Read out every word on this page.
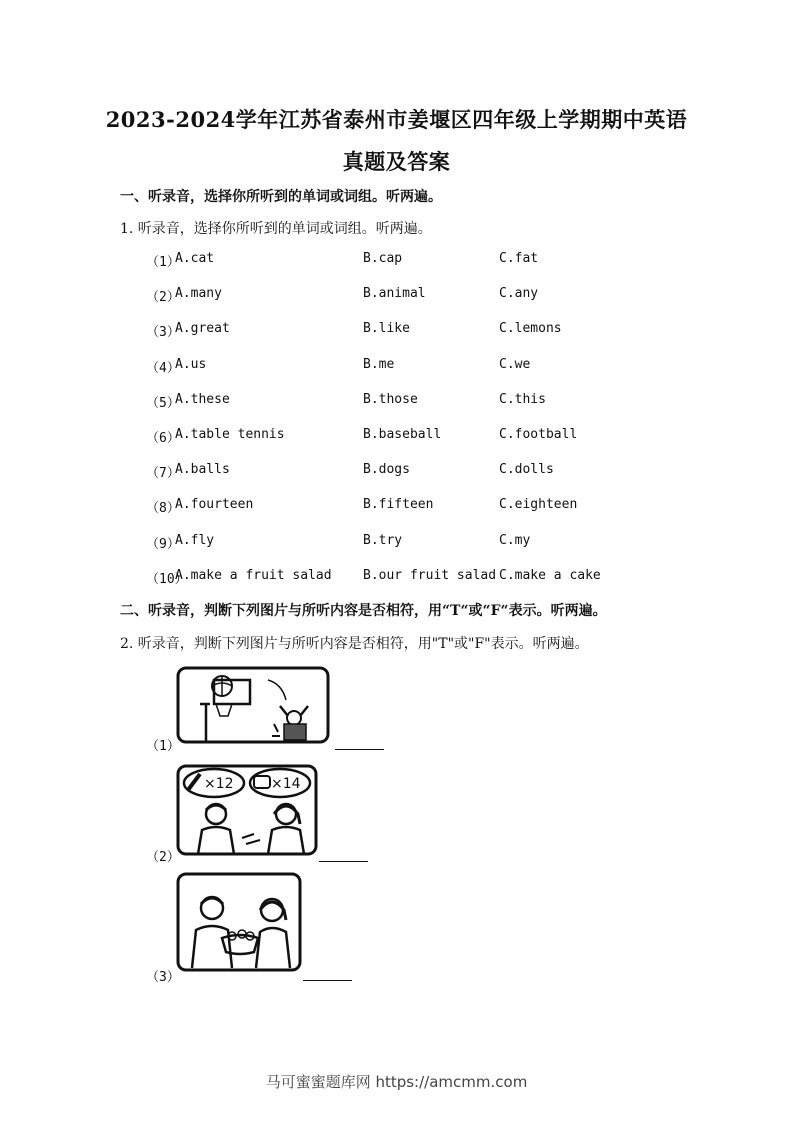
2023-2024学年江苏省泰州市姜堰区四年级上学期期中英语
真题及答案
一、听录音，选择你所听到的单词或词组。听两遍。
1. 听录音，选择你所听到的单词或词组。听两遍。
（1）
A.cat	B.cap	C.fat
（2）
A.many	B.animal	C.any
（3）
A.great	B.like	C.lemons
（4）
A.us	B.me	C.we
（5）
A.these	B.those	C.this
（6）
A.table tennis	B.baseball	C.football
（7）
A.balls	B.dogs	C.dolls
（8）
A.fourteen	B.fifteen	C.eighteen
（9）
A.fly	B.try	C.my
（10）
A.make a fruit salad B.our fruit salad C.make a cake
二、听录音，判断下列图片与所听内容是否相符，用“T“或“F“表示。听两遍。
2. 听录音，判断下列图片与所听内容是否相符，用"T"或"F"表示。听两遍。
（1）
（2）
×12	×14
（3）
马可蜜蜜题库网 https://amcmm.com
